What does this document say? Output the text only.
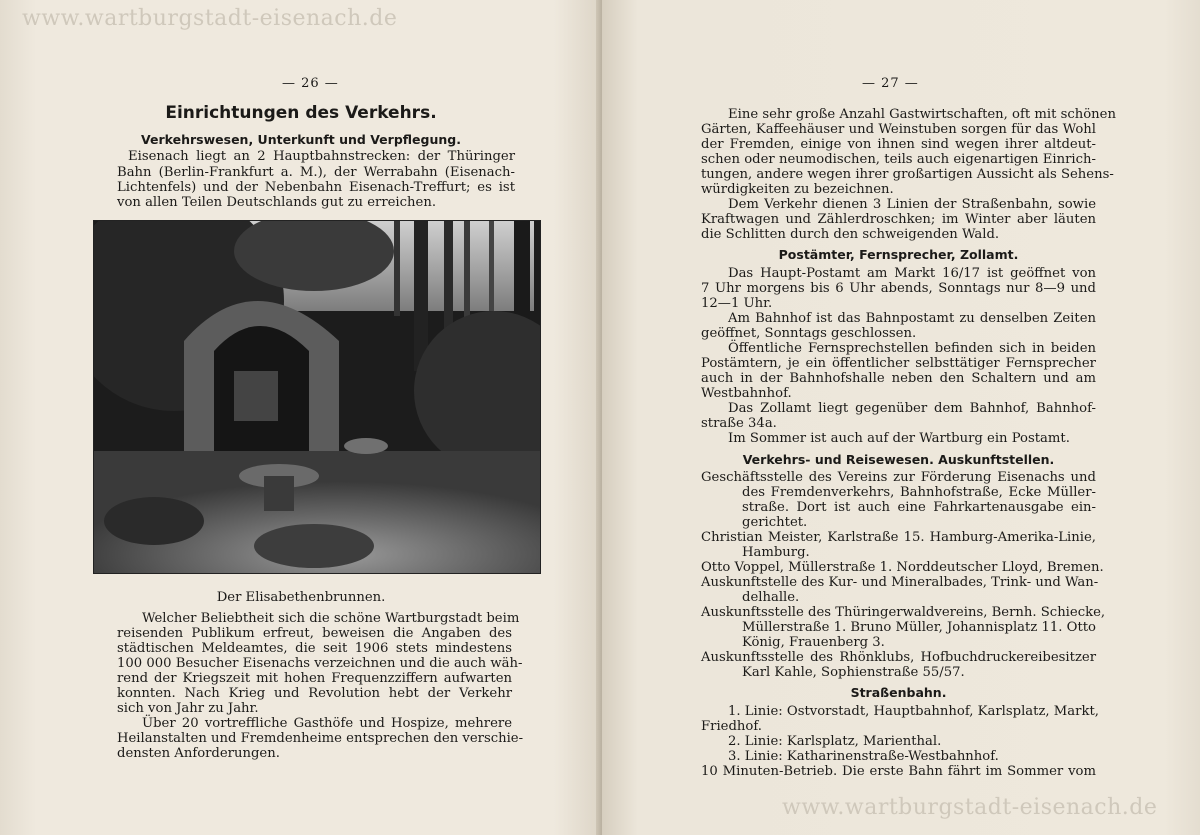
www.wartburgstadt-eisenach.de
— 26 —
Einrichtungen des Verkehrs.
Verkehrswesen, Unterkunft und Verpflegung.
Eisenach liegt an 2 Hauptbahnstrecken: der Thüringer
Bahn (Berlin-Frankfurt a. M.), der Werrabahn (Eisenach-
Lichtenfels) und der Nebenbahn Eisenach-Treffurt; es ist
von allen Teilen Deutschlands gut zu erreichen.
Der Elisabethenbrunnen.
Welcher Beliebtheit sich die schöne Wartburgstadt beim
reisenden Publikum erfreut, beweisen die Angaben des
städtischen Meldeamtes, die seit 1906 stets mindestens
100 000 Besucher Eisenachs verzeichnen und die auch wäh-
rend der Kriegszeit mit hohen Frequenzziffern aufwarten
konnten. Nach Krieg und Revolution hebt der Verkehr
sich von Jahr zu Jahr.
Über 20 vortreffliche Gasthöfe und Hospize, mehrere
Heilanstalten und Fremdenheime entsprechen den verschie-
densten Anforderungen.
— 27 —
Eine sehr große Anzahl Gastwirtschaften, oft mit schönen
Gärten, Kaffeehäuser und Weinstuben sorgen für das Wohl
der Fremden, einige von ihnen sind wegen ihrer altdeut-
schen oder neumodischen, teils auch eigenartigen Einrich-
tungen, andere wegen ihrer großartigen Aussicht als Sehens-
würdigkeiten zu bezeichnen.
Dem Verkehr dienen 3 Linien der Straßenbahn, sowie
Kraftwagen und Zählerdroschken; im Winter aber läuten
die Schlitten durch den schweigenden Wald.
Postämter, Fernsprecher, Zollamt.
Das Haupt-Postamt am Markt 16/17 ist geöffnet von
7 Uhr morgens bis 6 Uhr abends, Sonntags nur 8—9 und
12—1 Uhr.
Am Bahnhof ist das Bahnpostamt zu denselben Zeiten
geöffnet, Sonntags geschlossen.
Öffentliche Fernsprechstellen befinden sich in beiden
Postämtern, je ein öffentlicher selbsttätiger Fernsprecher
auch in der Bahnhofshalle neben den Schaltern und am
Westbahnhof.
Das Zollamt liegt gegenüber dem Bahnhof, Bahnhof-
straße 34a.
Im Sommer ist auch auf der Wartburg ein Postamt.
Verkehrs- und Reisewesen. Auskunftstellen.
Geschäftsstelle des Vereins zur Förderung Eisenachs und
des Fremdenverkehrs, Bahnhofstraße, Ecke Müller-
straße. Dort ist auch eine Fahrkartenausgabe ein-
gerichtet.
Christian Meister, Karlstraße 15. Hamburg-Amerika-Linie,
Hamburg.
Otto Voppel, Müllerstraße 1. Norddeutscher Lloyd, Bremen.
Auskunftstelle des Kur- und Mineralbades, Trink- und Wan-
delhalle.
Auskunftsstelle des Thüringerwaldvereins, Bernh. Schiecke,
Müllerstraße 1. Bruno Müller, Johannisplatz 11. Otto
König, Frauenberg 3.
Auskunftsstelle des Rhönklubs, Hofbuchdruckereibesitzer
Karl Kahle, Sophienstraße 55/57.
Straßenbahn.
1. Linie: Ostvorstadt, Hauptbahnhof, Karlsplatz, Markt,
Friedhof.
2. Linie: Karlsplatz, Marienthal.
3. Linie: Katharinenstraße-Westbahnhof.
10 Minuten-Betrieb. Die erste Bahn fährt im Sommer vom
www.wartburgstadt-eisenach.de
